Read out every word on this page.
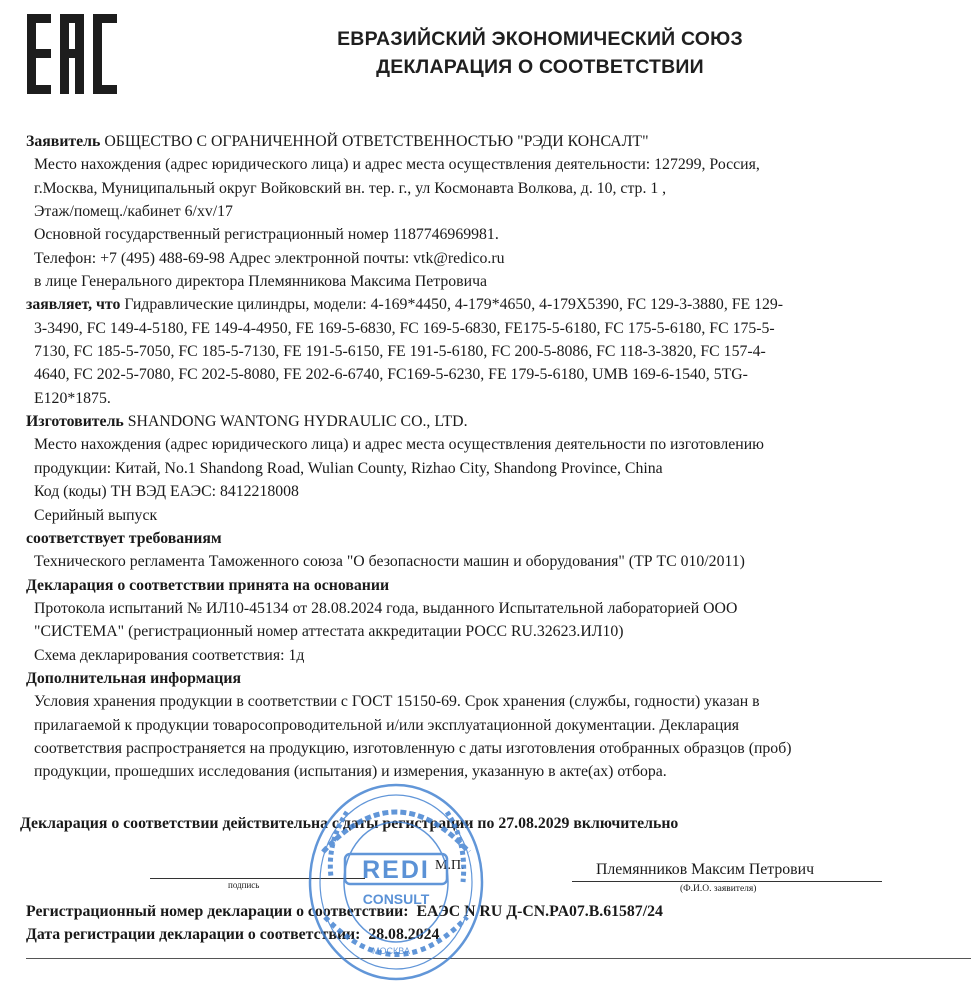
ЕВРАЗИЙСКИЙ ЭКОНОМИЧЕСКИЙ СОЮЗ
ДЕКЛАРАЦИЯ О СООТВЕТСТВИИ
Заявитель ОБЩЕСТВО С ОГРАНИЧЕННОЙ ОТВЕТСТВЕННОСТЬЮ "РЭДИ КОНСАЛТ"
Место нахождения (адрес юридического лица) и адрес места осуществления деятельности: 127299, Россия,
г.Москва, Муниципальный округ Войковский вн. тер. г., ул Космонавта Волкова, д. 10, стр. 1 ,
Этаж/помещ./кабинет 6/xv/17
Основной государственный регистрационный номер 1187746969981.
Телефон: +7 (495) 488-69-98 Адрес электронной почты: vtk@redico.ru
в лице Генерального директора Племянникова Максима Петровича
заявляет, что Гидравлические цилиндры, модели: 4-169*4450, 4-179*4650, 4-179X5390, FC 129-3-3880, FE 129-
3-3490, FC 149-4-5180, FE 149-4-4950, FE 169-5-6830, FC 169-5-6830, FE175-5-6180, FC 175-5-6180, FC 175-5-
7130, FC 185-5-7050, FC 185-5-7130, FE 191-5-6150, FE 191-5-6180, FC 200-5-8086, FC 118-3-3820, FC 157-4-
4640, FC 202-5-7080, FC 202-5-8080, FE 202-6-6740, FC169-5-6230, FE 179-5-6180, UMB 169-6-1540, 5TG-
E120*1875.
Изготовитель SHANDONG WANTONG HYDRAULIC CO., LTD.
Место нахождения (адрес юридического лица) и адрес места осуществления деятельности по изготовлению
продукции: Китай, No.1 Shandong Road, Wulian County, Rizhao City, Shandong Province, China
Код (коды) ТН ВЭД ЕАЭС: 8412218008
Серийный выпуск
соответствует требованиям
Технического регламента Таможенного союза "О безопасности машин и оборудования" (ТР ТС 010/2011)
Декларация о соответствии принята на основании
Протокола испытаний № ИЛ10-45134 от 28.08.2024 года, выданного Испытательной лабораторией ООО
"СИСТЕМА" (регистрационный номер аттестата аккредитации РОСС RU.32623.ИЛ10)
Схема декларирования соответствия: 1д
Дополнительная информация
Условия хранения продукции в соответствии с ГОСТ 15150-69. Срок хранения (службы, годности) указан в
прилагаемой к продукции товаросопроводительной и/или эксплуатационной документации. Декларация
соответствия распространяется на продукцию, изготовленную с даты изготовления отобранных образцов (проб)
продукции, прошедших исследования (испытания) и измерения, указанную в акте(ах) отбора.
Декларация о соответствии действительна с даты регистрации по 27.08.2029 включительно
подпись
М.П.	Племянников Максим Петрович
(Ф.И.О. заявителя)
Регистрационный номер декларации о соответствии: ЕАЭС N RU Д-CN.PA07.B.61587/24
Дата регистрации декларации о соответствии: 28.08.2024
REDI
CONSULT
МОСКВА
